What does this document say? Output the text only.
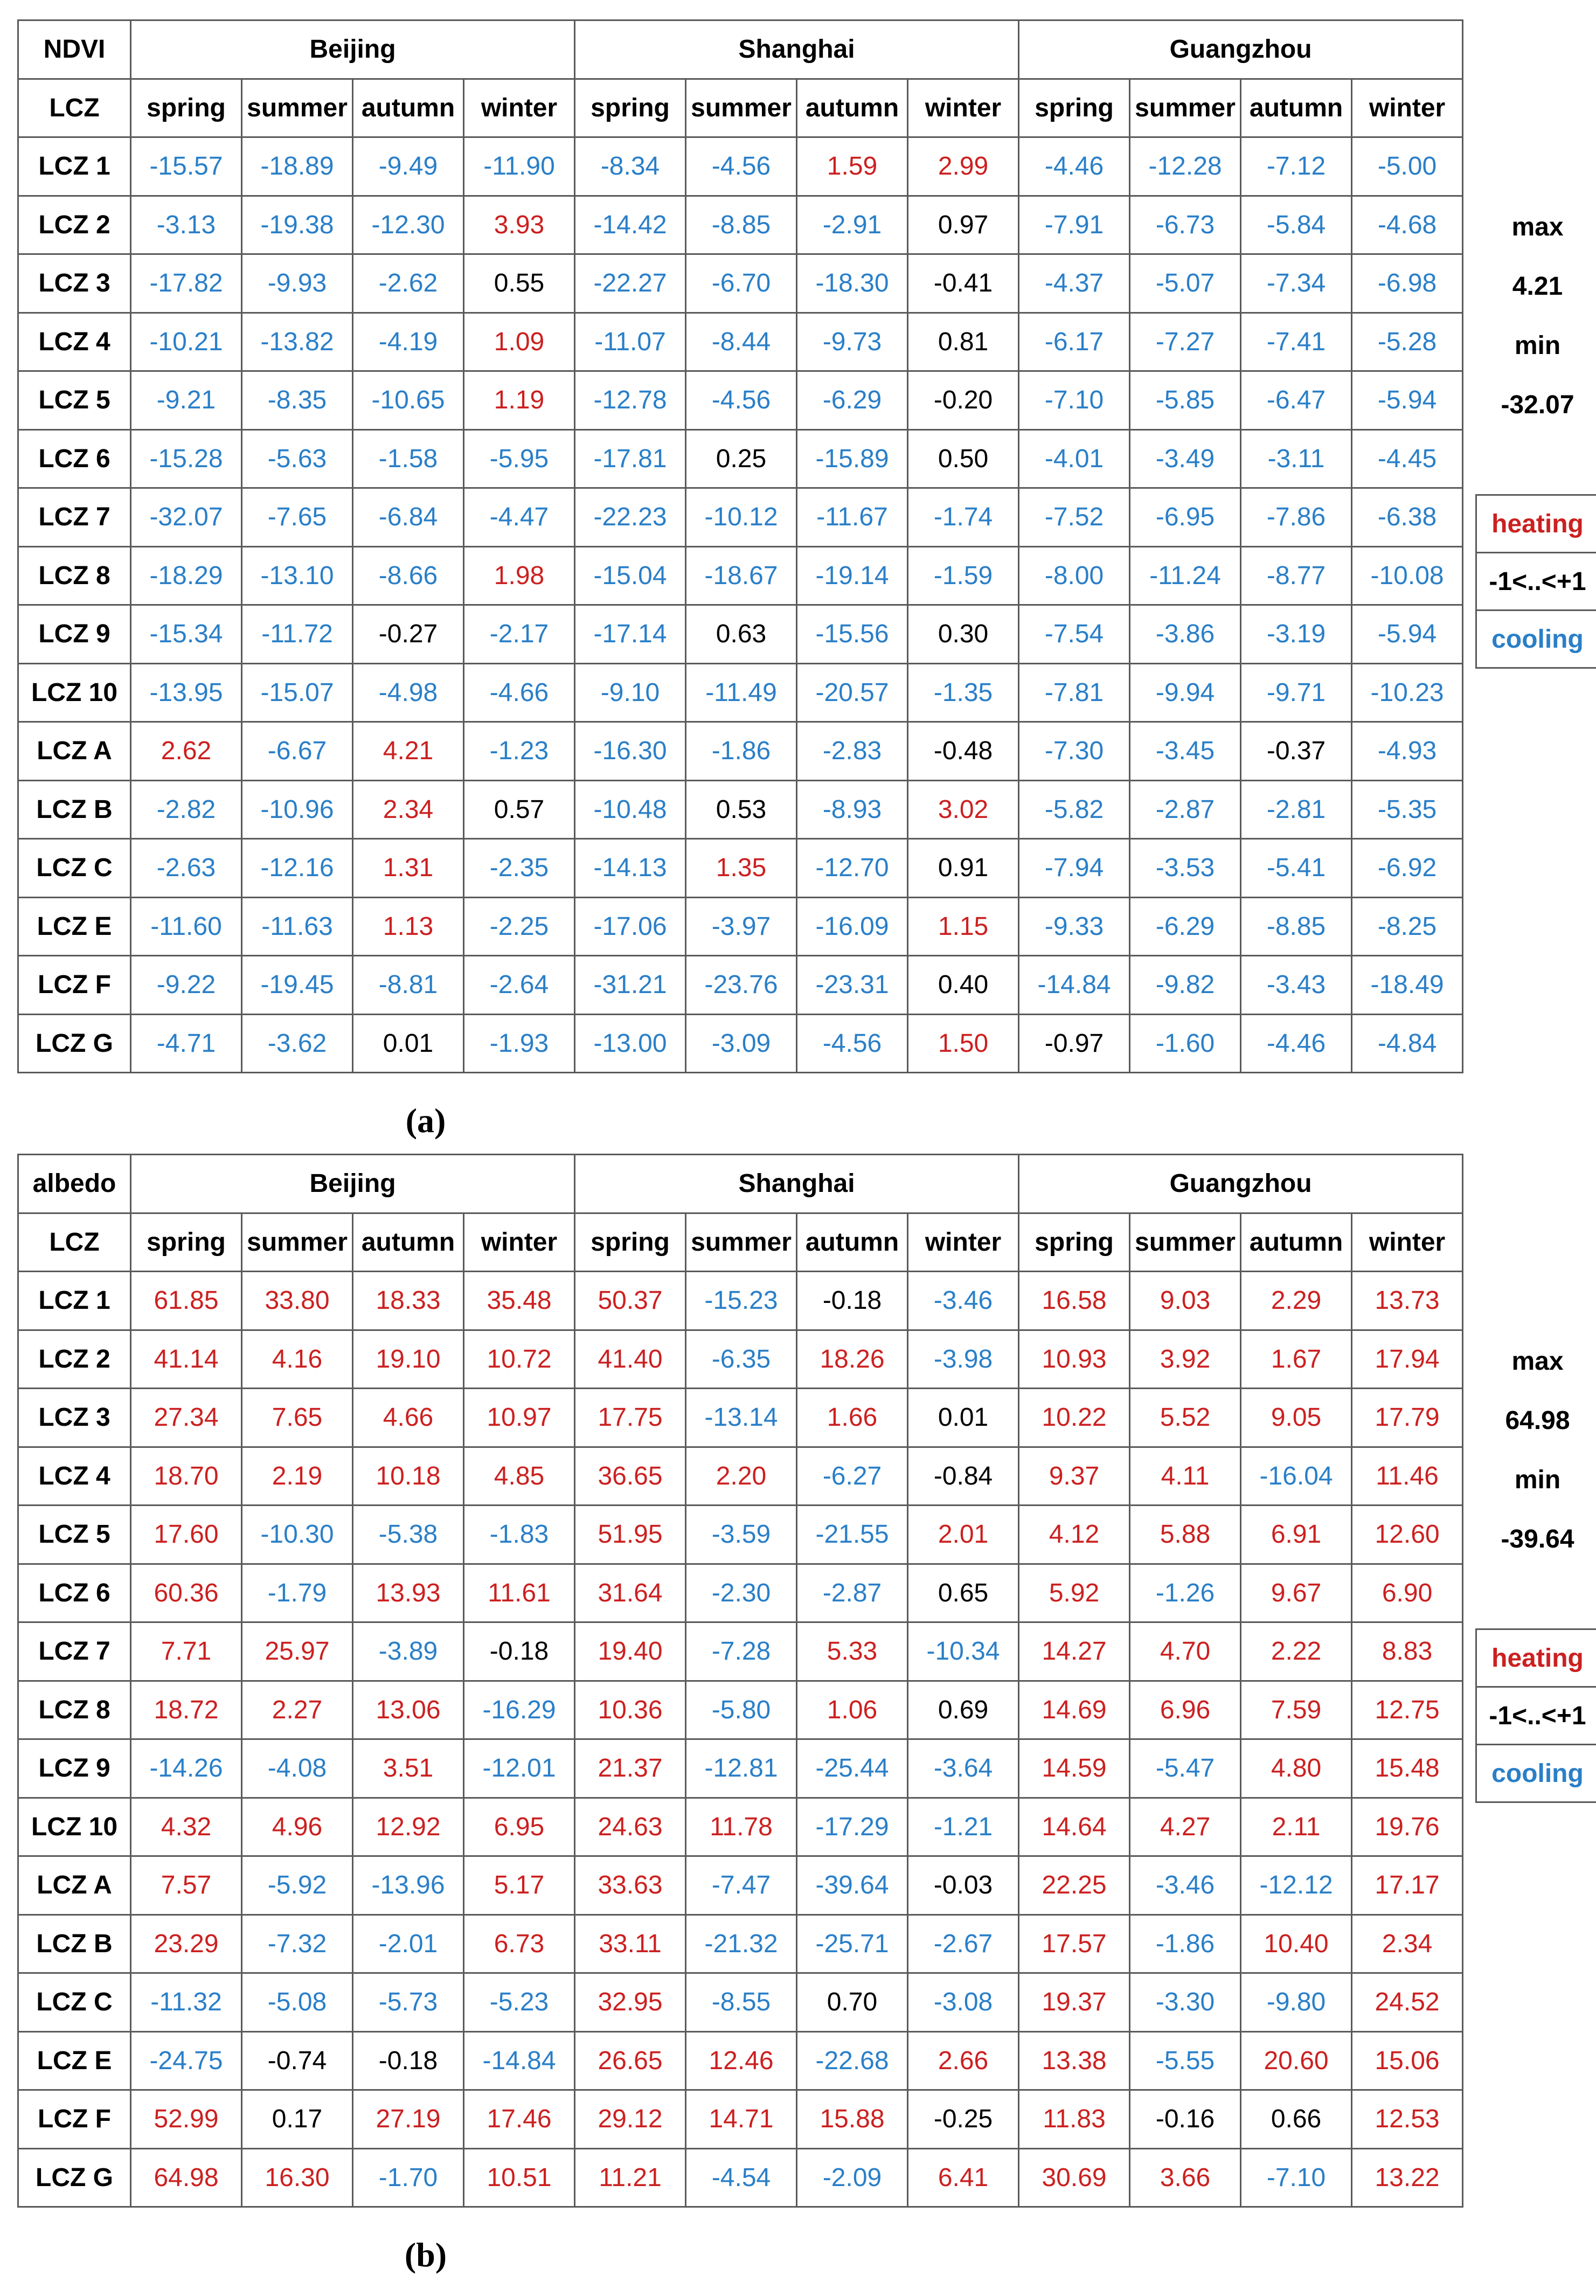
NDVI	Beijing				Shanghai				Guangzhou			
LCZ	spring	summer	autumn	winter	spring	summer	autumn	winter	spring	summer	autumn	winter
LCZ 1	-15.57	-18.89	-9.49	-11.90	-8.34	-4.56	1.59	2.99	-4.46	-12.28	-7.12	-5.00
LCZ 2	-3.13	-19.38	-12.30	3.93	-14.42	-8.85	-2.91	0.97	-7.91	-6.73	-5.84	-4.68
LCZ 3	-17.82	-9.93	-2.62	0.55	-22.27	-6.70	-18.30	-0.41	-4.37	-5.07	-7.34	-6.98
LCZ 4	-10.21	-13.82	-4.19	1.09	-11.07	-8.44	-9.73	0.81	-6.17	-7.27	-7.41	-5.28
LCZ 5	-9.21	-8.35	-10.65	1.19	-12.78	-4.56	-6.29	-0.20	-7.10	-5.85	-6.47	-5.94
LCZ 6	-15.28	-5.63	-1.58	-5.95	-17.81	0.25	-15.89	0.50	-4.01	-3.49	-3.11	-4.45
LCZ 7	-32.07	-7.65	-6.84	-4.47	-22.23	-10.12	-11.67	-1.74	-7.52	-6.95	-7.86	-6.38
LCZ 8	-18.29	-13.10	-8.66	1.98	-15.04	-18.67	-19.14	-1.59	-8.00	-11.24	-8.77	-10.08
LCZ 9	-15.34	-11.72	-0.27	-2.17	-17.14	0.63	-15.56	0.30	-7.54	-3.86	-3.19	-5.94
LCZ 10	-13.95	-15.07	-4.98	-4.66	-9.10	-11.49	-20.57	-1.35	-7.81	-9.94	-9.71	-10.23
LCZ A	2.62	-6.67	4.21	-1.23	-16.30	-1.86	-2.83	-0.48	-7.30	-3.45	-0.37	-4.93
LCZ B	-2.82	-10.96	2.34	0.57	-10.48	0.53	-8.93	3.02	-5.82	-2.87	-2.81	-5.35
LCZ C	-2.63	-12.16	1.31	-2.35	-14.13	1.35	-12.70	0.91	-7.94	-3.53	-5.41	-6.92
LCZ E	-11.60	-11.63	1.13	-2.25	-17.06	-3.97	-16.09	1.15	-9.33	-6.29	-8.85	-8.25
LCZ F	-9.22	-19.45	-8.81	-2.64	-31.21	-23.76	-23.31	0.40	-14.84	-9.82	-3.43	-18.49
LCZ G	-4.71	-3.62	0.01	-1.93	-13.00	-3.09	-4.56	1.50	-0.97	-1.60	-4.46	-4.84
max
4.21
min
-32.07
heating
-1<..<+1
cooling
(a)
albedo	Beijing				Shanghai				Guangzhou			
LCZ	spring	summer	autumn	winter	spring	summer	autumn	winter	spring	summer	autumn	winter
LCZ 1	61.85	33.80	18.33	35.48	50.37	-15.23	-0.18	-3.46	16.58	9.03	2.29	13.73
LCZ 2	41.14	4.16	19.10	10.72	41.40	-6.35	18.26	-3.98	10.93	3.92	1.67	17.94
LCZ 3	27.34	7.65	4.66	10.97	17.75	-13.14	1.66	0.01	10.22	5.52	9.05	17.79
LCZ 4	18.70	2.19	10.18	4.85	36.65	2.20	-6.27	-0.84	9.37	4.11	-16.04	11.46
LCZ 5	17.60	-10.30	-5.38	-1.83	51.95	-3.59	-21.55	2.01	4.12	5.88	6.91	12.60
LCZ 6	60.36	-1.79	13.93	11.61	31.64	-2.30	-2.87	0.65	5.92	-1.26	9.67	6.90
LCZ 7	7.71	25.97	-3.89	-0.18	19.40	-7.28	5.33	-10.34	14.27	4.70	2.22	8.83
LCZ 8	18.72	2.27	13.06	-16.29	10.36	-5.80	1.06	0.69	14.69	6.96	7.59	12.75
LCZ 9	-14.26	-4.08	3.51	-12.01	21.37	-12.81	-25.44	-3.64	14.59	-5.47	4.80	15.48
LCZ 10	4.32	4.96	12.92	6.95	24.63	11.78	-17.29	-1.21	14.64	4.27	2.11	19.76
LCZ A	7.57	-5.92	-13.96	5.17	33.63	-7.47	-39.64	-0.03	22.25	-3.46	-12.12	17.17
LCZ B	23.29	-7.32	-2.01	6.73	33.11	-21.32	-25.71	-2.67	17.57	-1.86	10.40	2.34
LCZ C	-11.32	-5.08	-5.73	-5.23	32.95	-8.55	0.70	-3.08	19.37	-3.30	-9.80	24.52
LCZ E	-24.75	-0.74	-0.18	-14.84	26.65	12.46	-22.68	2.66	13.38	-5.55	20.60	15.06
LCZ F	52.99	0.17	27.19	17.46	29.12	14.71	15.88	-0.25	11.83	-0.16	0.66	12.53
LCZ G	64.98	16.30	-1.70	10.51	11.21	-4.54	-2.09	6.41	30.69	3.66	-7.10	13.22
max
64.98
min
-39.64
heating
-1<..<+1
cooling
(b)
